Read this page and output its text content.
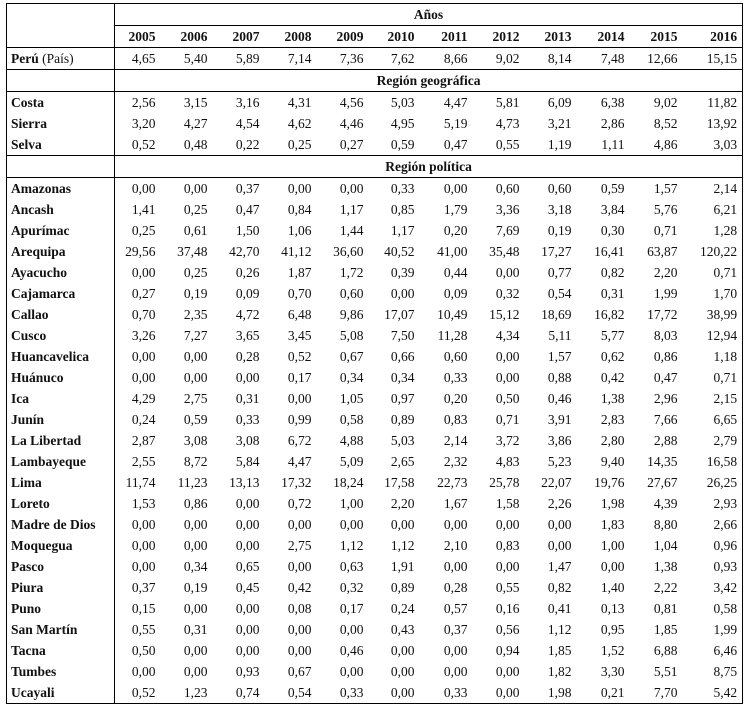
	Años											
	2005	2006	2007	2008	2009	2010	2011	2012	2013	2014	2015	2016
Perú (País)	4,65	5,40	5,89	7,14	7,36	7,62	8,66	9,02	8,14	7,48	12,66	15,15
	Región geográfica											
Costa	2,56	3,15	3,16	4,31	4,56	5,03	4,47	5,81	6,09	6,38	9,02	11,82
Sierra	3,20	4,27	4,54	4,62	4,46	4,95	5,19	4,73	3,21	2,86	8,52	13,92
Selva	0,52	0,48	0,22	0,25	0,27	0,59	0,47	0,55	1,19	1,11	4,86	3,03
	Región política											
Amazonas	0,00	0,00	0,37	0,00	0,00	0,33	0,00	0,60	0,60	0,59	1,57	2,14
Ancash	1,41	0,25	0,47	0,84	1,17	0,85	1,79	3,36	3,18	3,84	5,76	6,21
Apurímac	0,25	0,61	1,50	1,06	1,44	1,17	0,20	7,69	0,19	0,30	0,71	1,28
Arequipa	29,56	37,48	42,70	41,12	36,60	40,52	41,00	35,48	17,27	16,41	63,87	120,22
Ayacucho	0,00	0,25	0,26	1,87	1,72	0,39	0,44	0,00	0,77	0,82	2,20	0,71
Cajamarca	0,27	0,19	0,09	0,70	0,60	0,00	0,09	0,32	0,54	0,31	1,99	1,70
Callao	0,70	2,35	4,72	6,48	9,86	17,07	10,49	15,12	18,69	16,82	17,72	38,99
Cusco	3,26	7,27	3,65	3,45	5,08	7,50	11,28	4,34	5,11	5,77	8,03	12,94
Huancavelica	0,00	0,00	0,28	0,52	0,67	0,66	0,60	0,00	1,57	0,62	0,86	1,18
Huánuco	0,00	0,00	0,00	0,17	0,34	0,34	0,33	0,00	0,88	0,42	0,47	0,71
Ica	4,29	2,75	0,31	0,00	1,05	0,97	0,20	0,50	0,46	1,38	2,96	2,15
Junín	0,24	0,59	0,33	0,99	0,58	0,89	0,83	0,71	3,91	2,83	7,66	6,65
La Libertad	2,87	3,08	3,08	6,72	4,88	5,03	2,14	3,72	3,86	2,80	2,88	2,79
Lambayeque	2,55	8,72	5,84	4,47	5,09	2,65	2,32	4,83	5,23	9,40	14,35	16,58
Lima	11,74	11,23	13,13	17,32	18,24	17,58	22,73	25,78	22,07	19,76	27,67	26,25
Loreto	1,53	0,86	0,00	0,72	1,00	2,20	1,67	1,58	2,26	1,98	4,39	2,93
Madre de Dios	0,00	0,00	0,00	0,00	0,00	0,00	0,00	0,00	0,00	1,83	8,80	2,66
Moquegua	0,00	0,00	0,00	2,75	1,12	1,12	2,10	0,83	0,00	1,00	1,04	0,96
Pasco	0,00	0,34	0,65	0,00	0,63	1,91	0,00	0,00	1,47	0,00	1,38	0,93
Piura	0,37	0,19	0,45	0,42	0,32	0,89	0,28	0,55	0,82	1,40	2,22	3,42
Puno	0,15	0,00	0,00	0,08	0,17	0,24	0,57	0,16	0,41	0,13	0,81	0,58
San Martín	0,55	0,31	0,00	0,00	0,00	0,43	0,37	0,56	1,12	0,95	1,85	1,99
Tacna	0,50	0,00	0,00	0,00	0,46	0,00	0,00	0,94	1,85	1,52	6,88	6,46
Tumbes	0,00	0,00	0,93	0,67	0,00	0,00	0,00	0,00	1,82	3,30	5,51	8,75
Ucayali	0,52	1,23	0,74	0,54	0,33	0,00	0,33	0,00	1,98	0,21	7,70	5,42
